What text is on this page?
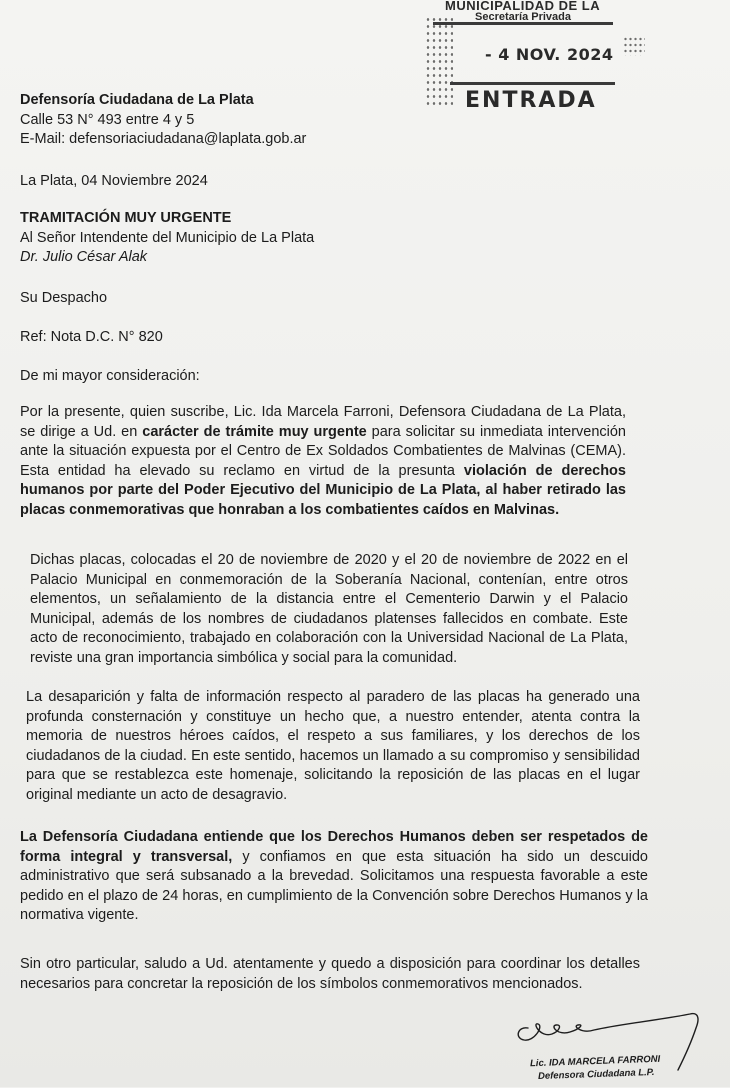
MUNICIPALIDAD DE LA
Secretaría Privada
- 4 NOV. 2024
ENTRADA
Defensoría Ciudadana de La Plata
Calle 53 N° 493 entre 4 y 5
E-Mail: defensoriaciudadana@laplata.gob.ar
La Plata, 04 Noviembre 2024
TRAMITACIÓN MUY URGENTE
Al Señor Intendente del Municipio de La Plata
Dr. Julio César Alak
Su Despacho
Ref: Nota D.C. N° 820
De mi mayor consideración:
Por la presente, quien suscribe, Lic. Ida Marcela Farroni, Defensora Ciudadana de La Plata, se dirige a Ud. en carácter de trámite muy urgente para solicitar su inmediata intervención ante la situación expuesta por el Centro de Ex Soldados Combatientes de Malvinas (CEMA). Esta entidad ha elevado su reclamo en virtud de la presunta violación de derechos humanos por parte del Poder Ejecutivo del Municipio de La Plata, al haber retirado las placas conmemorativas que honraban a los combatientes caídos en Malvinas.
Dichas placas, colocadas el 20 de noviembre de 2020 y el 20 de noviembre de 2022 en el Palacio Municipal en conmemoración de la Soberanía Nacional, contenían, entre otros elementos, un señalamiento de la distancia entre el Cementerio Darwin y el Palacio Municipal, además de los nombres de ciudadanos platenses fallecidos en combate. Este acto de reconocimiento, trabajado en colaboración con la Universidad Nacional de La Plata, reviste una gran importancia simbólica y social para la comunidad.
La desaparición y falta de información respecto al paradero de las placas ha generado una profunda consternación y constituye un hecho que, a nuestro entender, atenta contra la memoria de nuestros héroes caídos, el respeto a sus familiares, y los derechos de los ciudadanos de la ciudad. En este sentido, hacemos un llamado a su compromiso y sensibilidad para que se restablezca este homenaje, solicitando la reposición de las placas en el lugar original mediante un acto de desagravio.
La Defensoría Ciudadana entiende que los Derechos Humanos deben ser respetados de forma integral y transversal, y confiamos en que esta situación ha sido un descuido administrativo que será subsanado a la brevedad. Solicitamos una respuesta favorable a este pedido en el plazo de 24 horas, en cumplimiento de la Convención sobre Derechos Humanos y la normativa vigente.
Sin otro particular, saludo a Ud. atentamente y quedo a disposición para coordinar los detalles necesarios para concretar la reposición de los símbolos conmemorativos mencionados.
Lic. IDA MARCELA FARRONI
Defensora Ciudadana L.P.
